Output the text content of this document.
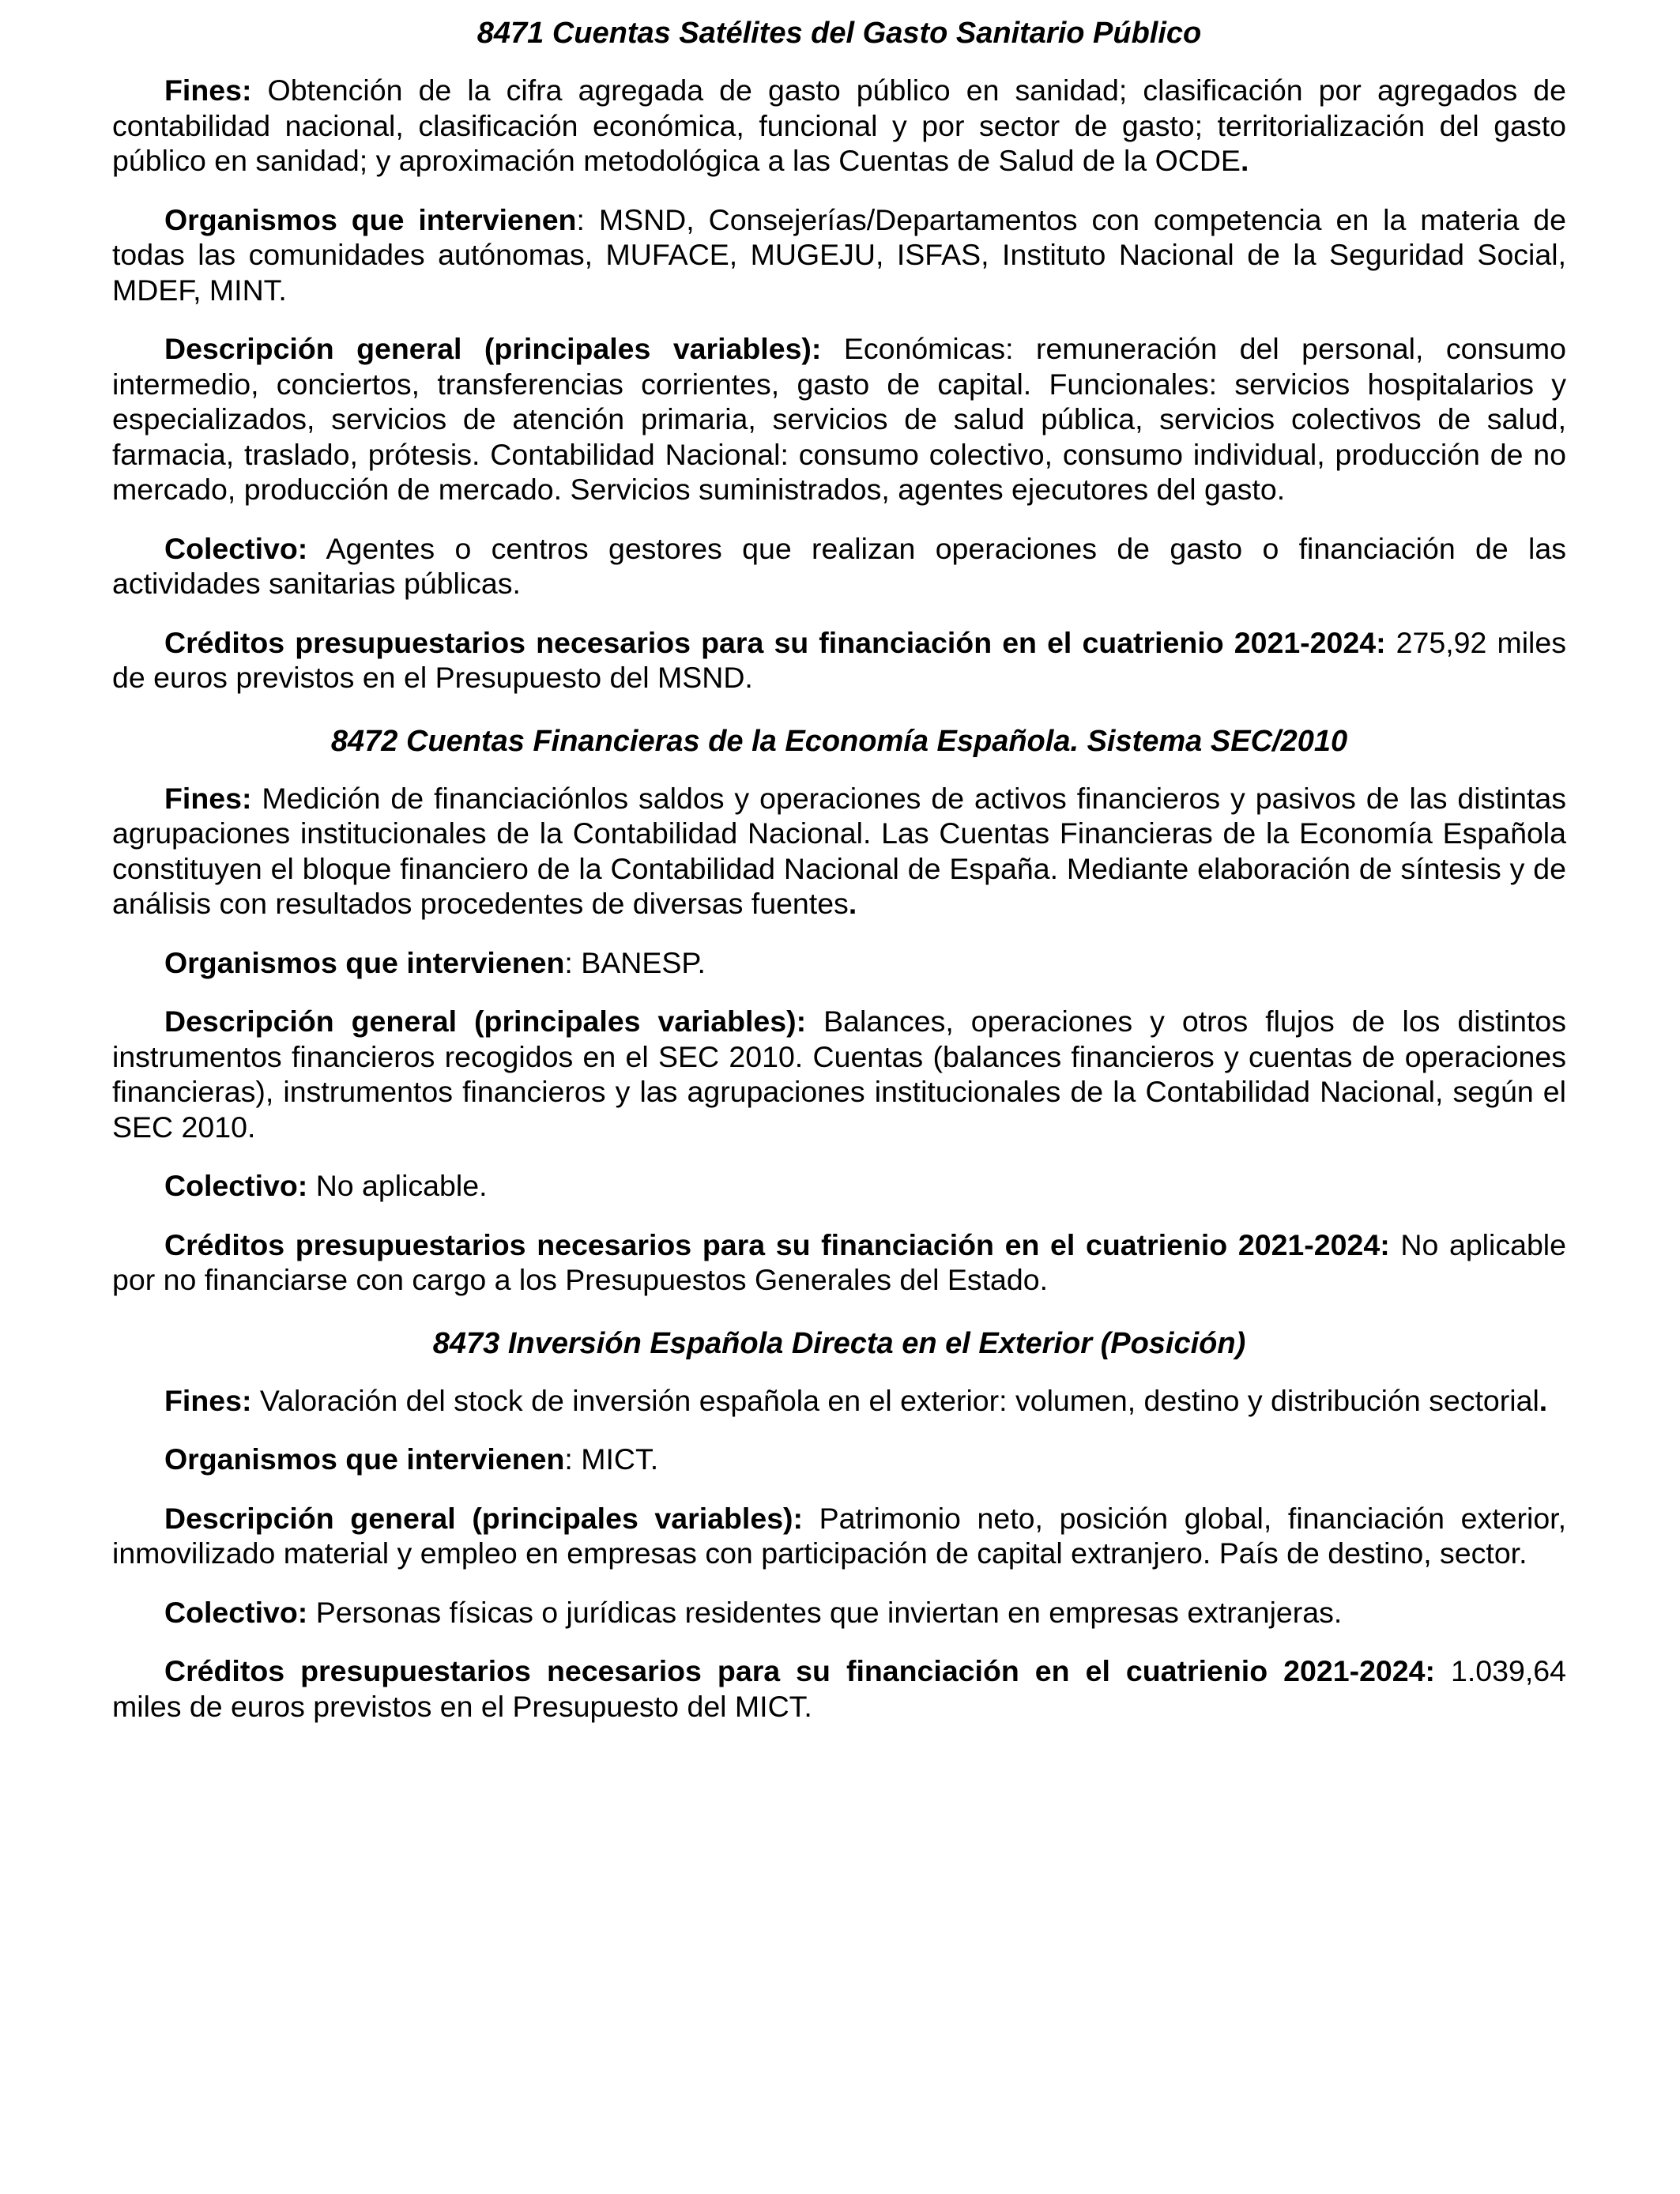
8471 Cuentas Satélites del Gasto Sanitario Público

Fines: Obtención de la cifra agregada de gasto público en sanidad; clasificación por agregados de contabilidad nacional, clasificación económica, funcional y por sector de gasto; territorialización del gasto público en sanidad; y aproximación metodológica a las Cuentas de Salud de la OCDE.

Organismos que intervienen: MSND, Consejerías/Departamentos con competencia en la materia de todas las comunidades autónomas, MUFACE, MUGEJU, ISFAS, Instituto Nacional de la Seguridad Social, MDEF, MINT.

Descripción general (principales variables): Económicas: remuneración del personal, consumo intermedio, conciertos, transferencias corrientes, gasto de capital. Funcionales: servicios hospitalarios y especializados, servicios de atención primaria, servicios de salud pública, servicios colectivos de salud, farmacia, traslado, prótesis. Contabilidad Nacional: consumo colectivo, consumo individual, producción de no mercado, producción de mercado. Servicios suministrados, agentes ejecutores del gasto.

Colectivo: Agentes o centros gestores que realizan operaciones de gasto o financiación de las actividades sanitarias públicas.

Créditos presupuestarios necesarios para su financiación en el cuatrienio 2021-2024: 275,92 miles de euros previstos en el Presupuesto del MSND.

8472 Cuentas Financieras de la Economía Española. Sistema SEC/2010

Fines: Medición de financiaciónlos saldos y operaciones de activos financieros y pasivos de las distintas agrupaciones institucionales de la Contabilidad Nacional. Las Cuentas Financieras de la Economía Española constituyen el bloque financiero de la Contabilidad Nacional de España. Mediante elaboración de síntesis y de análisis con resultados procedentes de diversas fuentes.

Organismos que intervienen: BANESP.

Descripción general (principales variables): Balances, operaciones y otros flujos de los distintos instrumentos financieros recogidos en el SEC 2010. Cuentas (balances financieros y cuentas de operaciones financieras), instrumentos financieros y las agrupaciones institucionales de la Contabilidad Nacional, según el SEC 2010.

Colectivo: No aplicable.

Créditos presupuestarios necesarios para su financiación en el cuatrienio 2021-2024: No aplicable por no financiarse con cargo a los Presupuestos Generales del Estado.

8473 Inversión Española Directa en el Exterior (Posición)

Fines: Valoración del stock de inversión española en el exterior: volumen, destino y distribución sectorial.

Organismos que intervienen: MICT.

Descripción general (principales variables): Patrimonio neto, posición global, financiación exterior, inmovilizado material y empleo en empresas con participación de capital extranjero. País de destino, sector.

Colectivo: Personas físicas o jurídicas residentes que inviertan en empresas extranjeras.

Créditos presupuestarios necesarios para su financiación en el cuatrienio 2021-2024: 1.039,64 miles de euros previstos en el Presupuesto del MICT.
